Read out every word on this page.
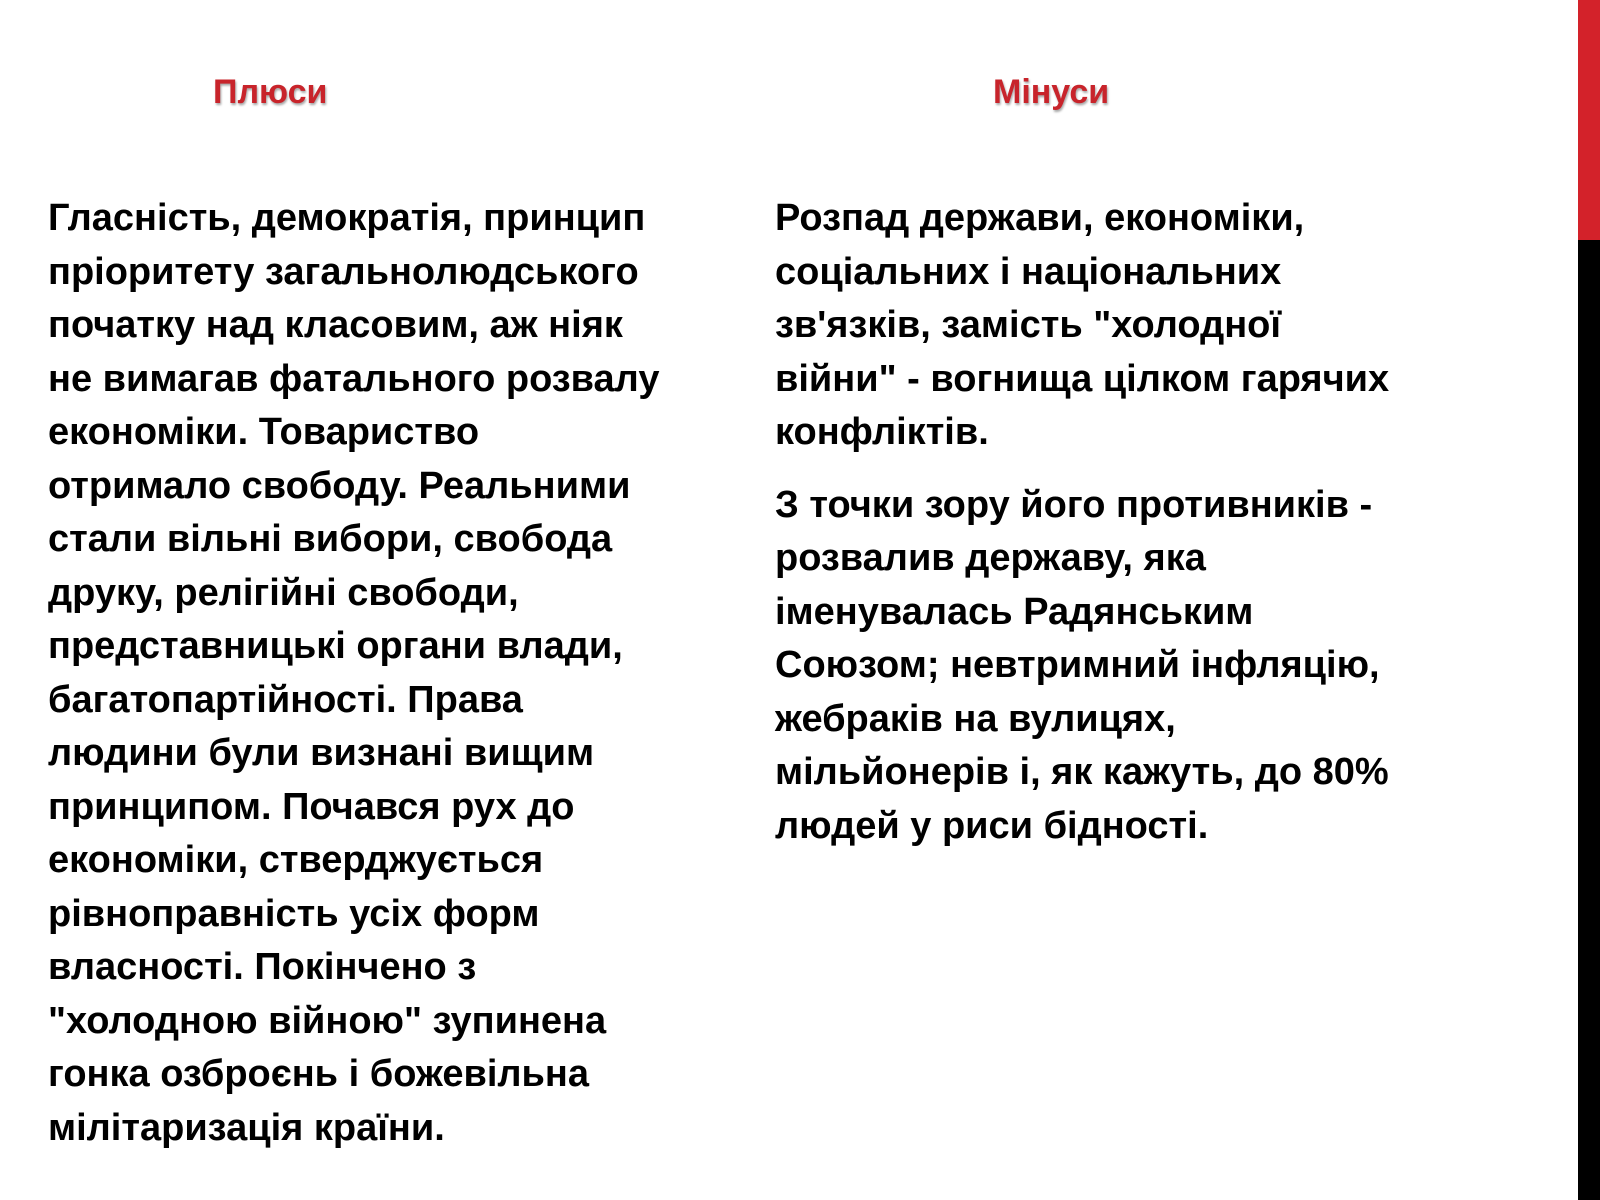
Плюси	Мінуси

Гласність, демократія, принцип
пріоритету загальнолюдського
початку над класовим, аж ніяк
не вимагав фатального розвалу
економіки. Товариство
отримало свободу. Реальними
стали вільні вибори, свобода
друку, релігійні свободи,
представницькі органи влади,
багатопартійності. Права
людини були визнані вищим
принципом. Почався рух до
економіки, стверджується
рівноправність усіх форм
власності. Покінчено з
"холодною війною" зупинена
гонка озброєнь і божевільна
мілітаризація країни.

Розпад держави, економіки,
соціальних і національних
зв'язків, замість "холодної
війни" - вогнища цілком гарячих
конфліктів.

З точки зору його противників -
розвалив державу, яка
іменувалась Радянським
Союзом; невтримний інфляцію,
жебраків на вулицях,
мільйонерів і, як кажуть, до 80%
людей у риси бідності.
